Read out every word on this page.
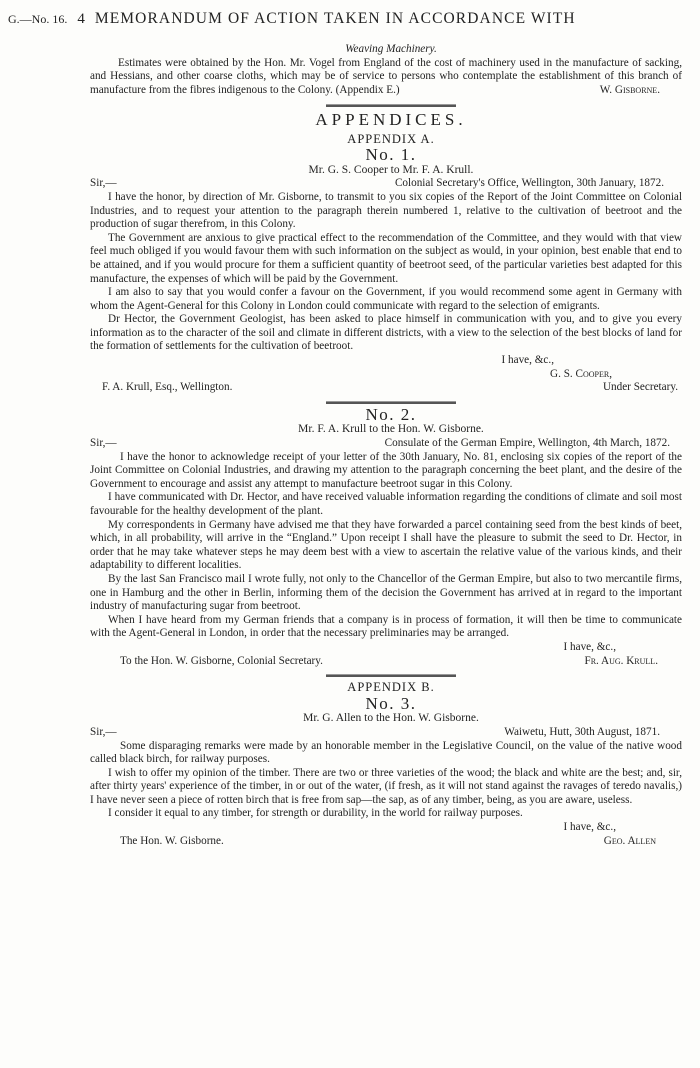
G.—No. 16. 4 MEMORANDUM OF ACTION TAKEN IN ACCORDANCE WITH
Weaving Machinery.

Estimates were obtained by the Hon. Mr. Vogel from England of the cost of machinery used in the manufacture of sacking, and Hessians, and other coarse cloths, which may be of service to persons who contemplate the establishment of this branch of manufacture from the fibres indigenous to the Colony. (Appendix E.)	W. Gisborne.
APPENDICES.
APPENDIX A.
No. 1.
Mr. G. S. Cooper to Mr. F. A. Krull.
Sir,—	Colonial Secretary's Office, Wellington, 30th January, 1872.

I have the honor, by direction of Mr. Gisborne, to transmit to you six copies of the Report of the Joint Committee on Colonial Industries, and to request your attention to the paragraph therein numbered 1, relative to the cultivation of beetroot and the production of sugar therefrom, in this Colony.

The Government are anxious to give practical effect to the recommendation of the Committee, and they would with that view feel much obliged if you would favour them with such information on the subject as would, in your opinion, best enable that end to be attained, and if you would procure for them a sufficient quantity of beetroot seed, of the particular varieties best adapted for this manufacture, the expenses of which will be paid by the Government.

I am also to say that you would confer a favour on the Government, if you would recommend some agent in Germany with whom the Agent-General for this Colony in London could communicate with regard to the selection of emigrants.

Dr Hector, the Government Geologist, has been asked to place himself in communication with you, and to give you every information as to the character of the soil and climate in different districts, with a view to the selection of the best blocks of land for the formation of settlements for the cultivation of beetroot.

I have, &c.,
G. S. Cooper,
F. A. Krull, Esq., Wellington.	Under Secretary.
No. 2.
Mr. F. A. Krull to the Hon. W. Gisborne.
Sir,—	Consulate of the German Empire, Wellington, 4th March, 1872.

I have the honor to acknowledge receipt of your letter of the 30th January, No. 81, enclosing six copies of the report of the Joint Committee on Colonial Industries, and drawing my attention to the paragraph concerning the beet plant, and the desire of the Government to encourage and assist any attempt to manufacture beetroot sugar in this Colony.

I have communicated with Dr. Hector, and have received valuable information regarding the conditions of climate and soil most favourable for the healthy development of the plant.

My correspondents in Germany have advised me that they have forwarded a parcel containing seed from the best kinds of beet, which, in all probability, will arrive in the “England.” Upon receipt I shall have the pleasure to submit the seed to Dr. Hector, in order that he may take whatever steps he may deem best with a view to ascertain the relative value of the various kinds, and their adaptability to different localities.

By the last San Francisco mail I wrote fully, not only to the Chancellor of the German Empire, but also to two mercantile firms, one in Hamburg and the other in Berlin, informing them of the decision the Government has arrived at in regard to the important industry of manufacturing sugar from beetroot.

When I have heard from my German friends that a company is in process of formation, it will then be time to communicate with the Agent-General in London, in order that the necessary preliminaries may be arranged.

I have, &c.,
To the Hon. W. Gisborne, Colonial Secretary.	Fr. Aug. Krull.
APPENDIX B.
No. 3.
Mr. G. Allen to the Hon. W. Gisborne.
Sir,—	Waiwetu, Hutt, 30th August, 1871.

Some disparaging remarks were made by an honorable member in the Legislative Council, on the value of the native wood called black birch, for railway purposes.

I wish to offer my opinion of the timber. There are two or three varieties of the wood; the black and white are the best; and, sir, after thirty years' experience of the timber, in or out of the water, (if fresh, as it will not stand against the ravages of teredo navalis,) I have never seen a piece of rotten birch that is free from sap—the sap, as of any timber, being, as you are aware, useless.

I consider it equal to any timber, for strength or durability, in the world for railway purposes.

I have, &c.,
The Hon. W. Gisborne.	Geo. Allen
